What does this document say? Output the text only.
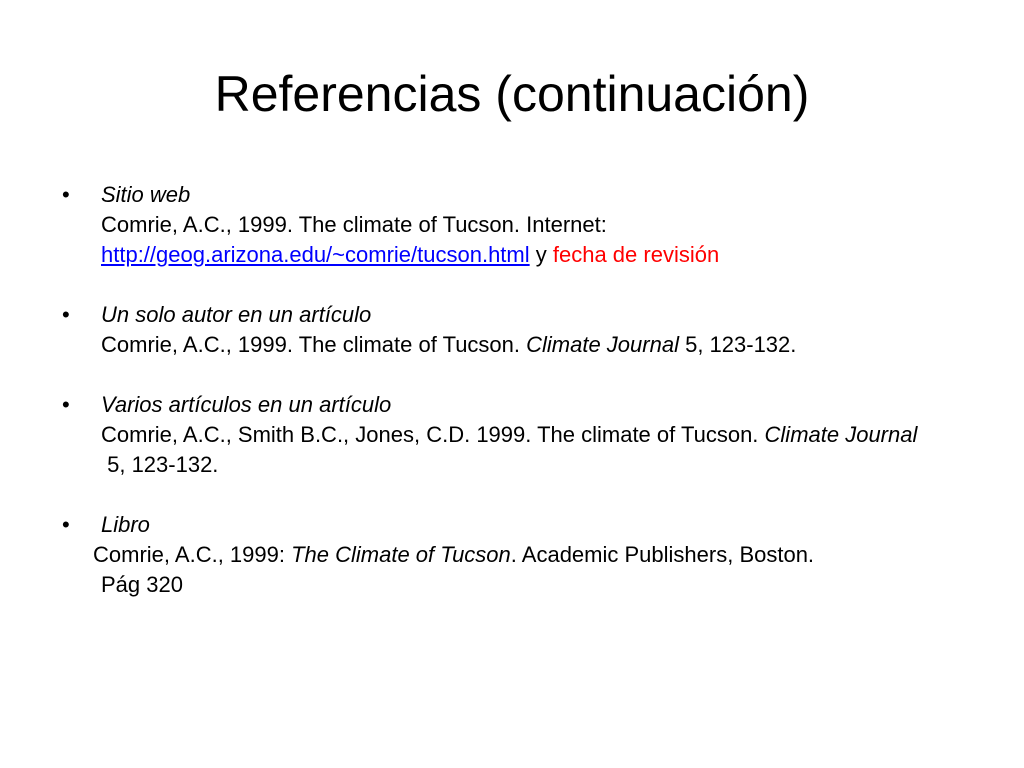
Referencias (continuación)
•	Sitio web
Comrie, A.C., 1999. The climate of Tucson. Internet:
http://geog.arizona.edu/~comrie/tucson.html y fecha de revisión
•	Un solo autor en un artículo
Comrie, A.C., 1999. The climate of Tucson. Climate Journal 5, 123-132.
•	Varios artículos en un artículo
Comrie, A.C., Smith B.C., Jones, C.D. 1999. The climate of Tucson. Climate Journal 5, 123-132.
•	Libro
Comrie, A.C., 1999: The Climate of Tucson. Academic Publishers, Boston.
Pág 320
